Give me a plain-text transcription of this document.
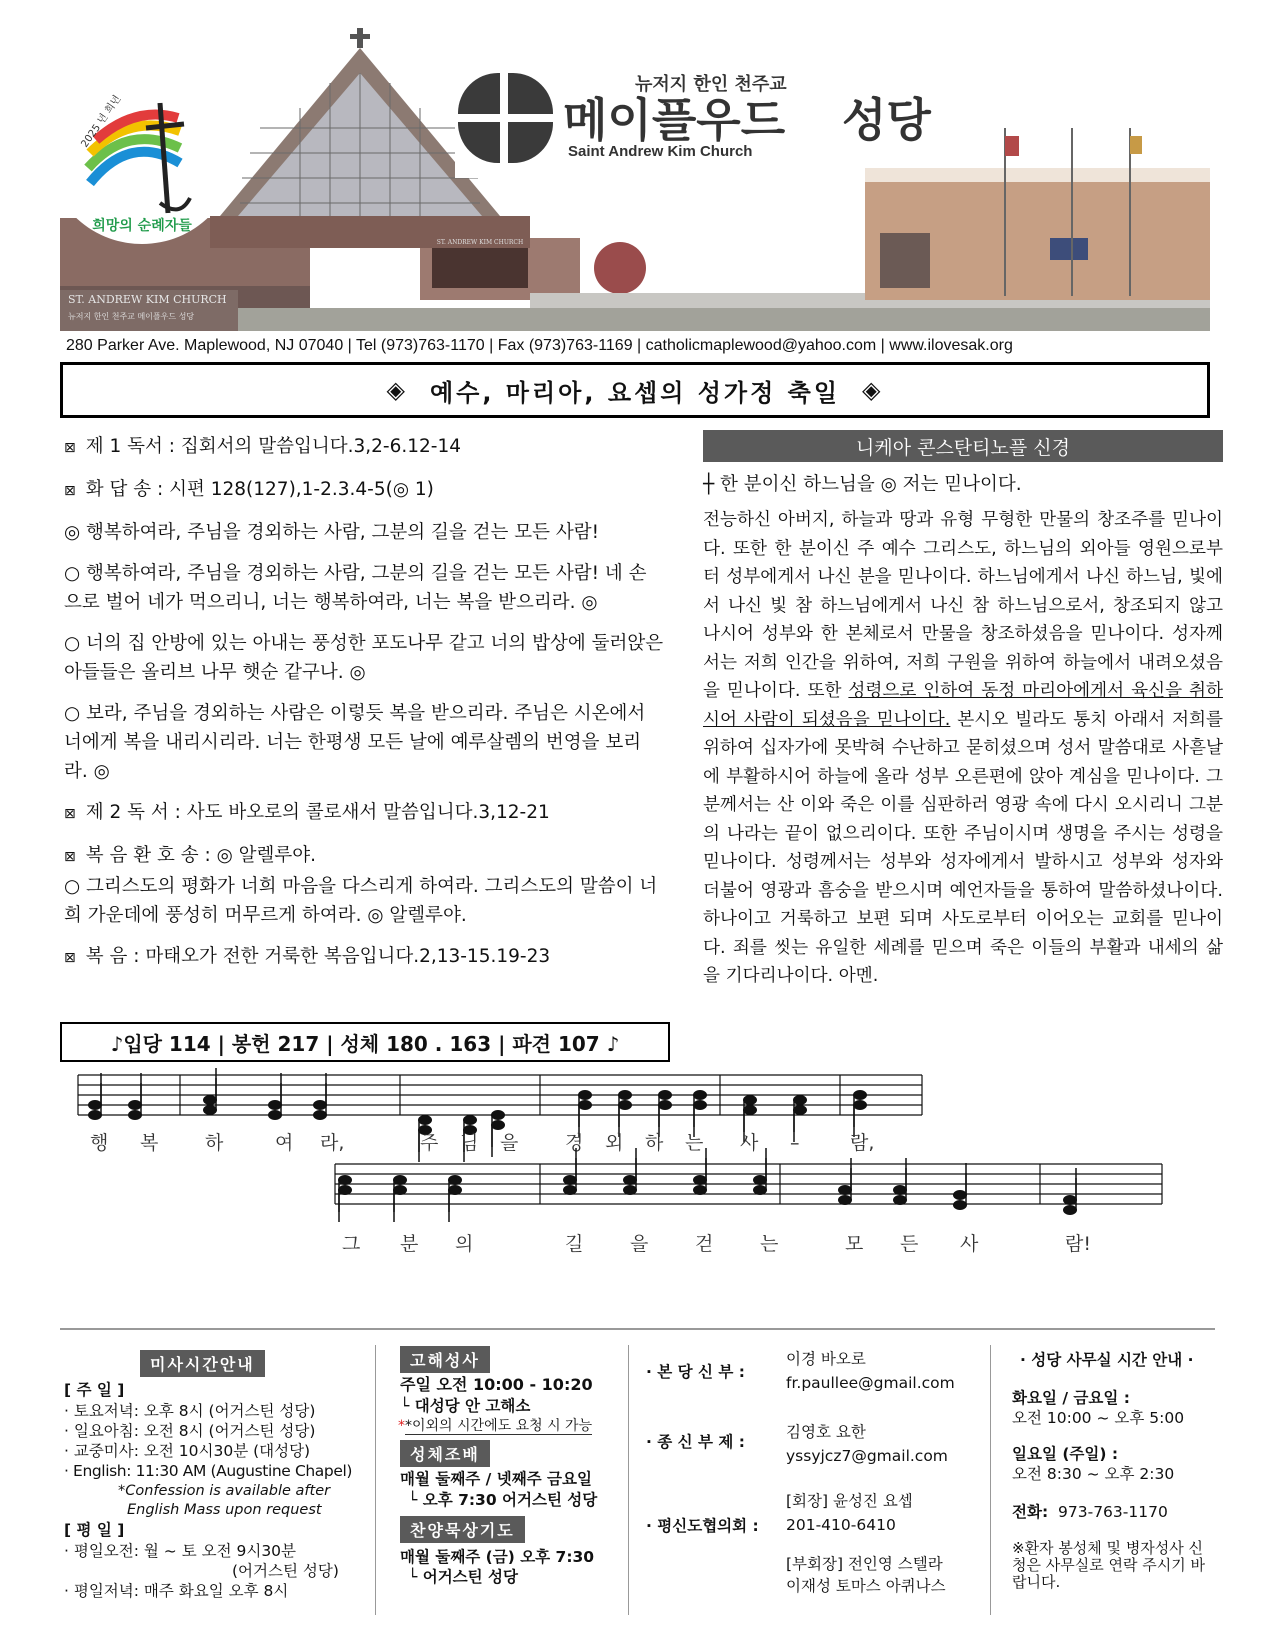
ST. ANDREW KIM CHURCH
ST. ANDREW KIM CHURCH
뉴저지 한인 천주교 메이플우드 성당
2025 년 희년
희망의 순례자들
뉴저지 한인 천주교
메이플우드 성당
Saint Andrew Kim Church
280 Parker Ave. Maplewood, NJ 07040 | Tel (973)763-1170 | Fax (973)763-1169 | catholicmaplewood@yahoo.com | www.ilovesak.org
◈ 예수, 마리아, 요셉의 성가정 축일 ◈

⊠ 제 1 독서 : 집회서의 말씀입니다.3,2-6.12-14

⊠ 화 답 송 : 시편 128(127),1-2.3.4-5(◎ 1)

◎ 행복하여라, 주님을 경외하는 사람, 그분의 길을 걷는 모든 사람!

○ 행복하여라, 주님을 경외하는 사람, 그분의 길을 걷는 모든 사람! 네 손으로 벌어 네가 먹으리니, 너는 행복하여라, 너는 복을 받으리라. ◎

○ 너의 집 안방에 있는 아내는 풍성한 포도나무 같고 너의 밥상에 둘러앉은 아들들은 올리브 나무 햇순 같구나. ◎

○ 보라, 주님을 경외하는 사람은 이렇듯 복을 받으리라. 주님은 시온에서 너에게 복을 내리시리라. 너는 한평생 모든 날에 예루살렘의 번영을 보리라. ◎

⊠ 제 2 독 서 : 사도 바오로의 콜로새서 말씀입니다.3,12-21

⊠ 복 음 환 호 송 : ◎ 알렐루야.

○ 그리스도의 평화가 너희 마음을 다스리게 하여라. 그리스도의 말씀이 너희 가운데에 풍성히 머무르게 하여라. ◎ 알렐루야.

⊠ 복 음 : 마태오가 전한 거룩한 복음입니다.2,13-15.19-23

♪입당 114 | 봉헌 217 | 성체 180 . 163 | 파견 107 ♪
니케아 콘스탄티노플 신경
┼ 한 분이신 하느님을 ◎ 저는 믿나이다.
전능하신 아버지, 하늘과 땅과 유형 무형한 만물의 창조주를 믿나이다. 또한 한 분이신 주 예수 그리스도, 하느님의 외아들 영원으로부터 성부에게서 나신 분을 믿나이다. 하느님에게서 나신 하느님, 빛에서 나신 빛 참 하느님에게서 나신 참 하느님으로서, 창조되지 않고 나시어 성부와 한 본체로서 만물을 창조하셨음을 믿나이다. 성자께서는 저희 인간을 위하여, 저희 구원을 위하여 하늘에서 내려오셨음을 믿나이다. 또한 성령으로 인하여 동정 마리아에게서 육신을 취하시어 사람이 되셨음을 믿나이다. 본시오 빌라도 통치 아래서 저희를 위하여 십자가에 못박혀 수난하고 묻히셨으며 성서 말씀대로 사흗날에 부활하시어 하늘에 올라 성부 오른편에 앉아 계심을 믿나이다. 그분께서는 산 이와 죽은 이를 심판하러 영광 속에 다시 오시리니 그분의 나라는 끝이 없으리이다. 또한 주님이시며 생명을 주시는 성령을 믿나이다. 성령께서는 성부와 성자에게서 발하시고 성부와 성자와 더불어 영광과 흠숭을 받으시며 예언자들을 통하여 말씀하셨나이다. 하나이고 거룩하고 보편 되며 사도로부터 이어오는 교회를 믿나이다. 죄를 씻는 유일한 세례를 믿으며 죽은 이들의 부활과 내세의 삶을 기다리나이다. 아멘.
행 복 하	여 라,	주 님 을 경 외 하 는 사 –	람,
그 분 의	길 을 걷 는	모 든 사	람!
미사시간안내
[ 주 일 ]
· 토요저녁: 오후 8시 (어거스틴 성당)
· 일요아침: 오전 8시 (어거스틴 성당)
· 교중미사: 오전 10시30분 (대성당)
· English: 11:30 AM (Augustine Chapel)
*Confession is available after
English Mass upon request
[ 평 일 ]
· 평일오전: 월 ~ 토 오전 9시30분
(어거스틴 성당)
· 평일저녁: 매주 화요일 오후 8시
고해성사
주일 오전 10:00 - 10:20
└ 대성당 안 고해소
**이외의 시간에도 요청 시 가능
성체조배
매월 둘째주 / 넷째주 금요일
└ 오후 7:30 어거스틴 성당
찬양묵상기도
매월 둘째주 (금) 오후 7:30
└ 어거스틴 성당
· 본 당 신 부 :
이경 바오로
fr.paullee@gmail.com
· 종 신 부 제 :
김영호 요한
yssyjcz7@gmail.com
· 평신도협의회 :
[회장] 윤성진 요셉
201-410-6410
[부회장] 전인영 스텔라
이재성 토마스 아퀴나스
· 성당 사무실 시간 안내 ·
화요일 / 금요일 :
오전 10:00 ~ 오후 5:00
일요일 (주일) :
오전 8:30 ~ 오후 2:30
전화: 973-763-1170
※환자 봉성체 및 병자성사 신청은 사무실로 연락 주시기 바랍니다.
